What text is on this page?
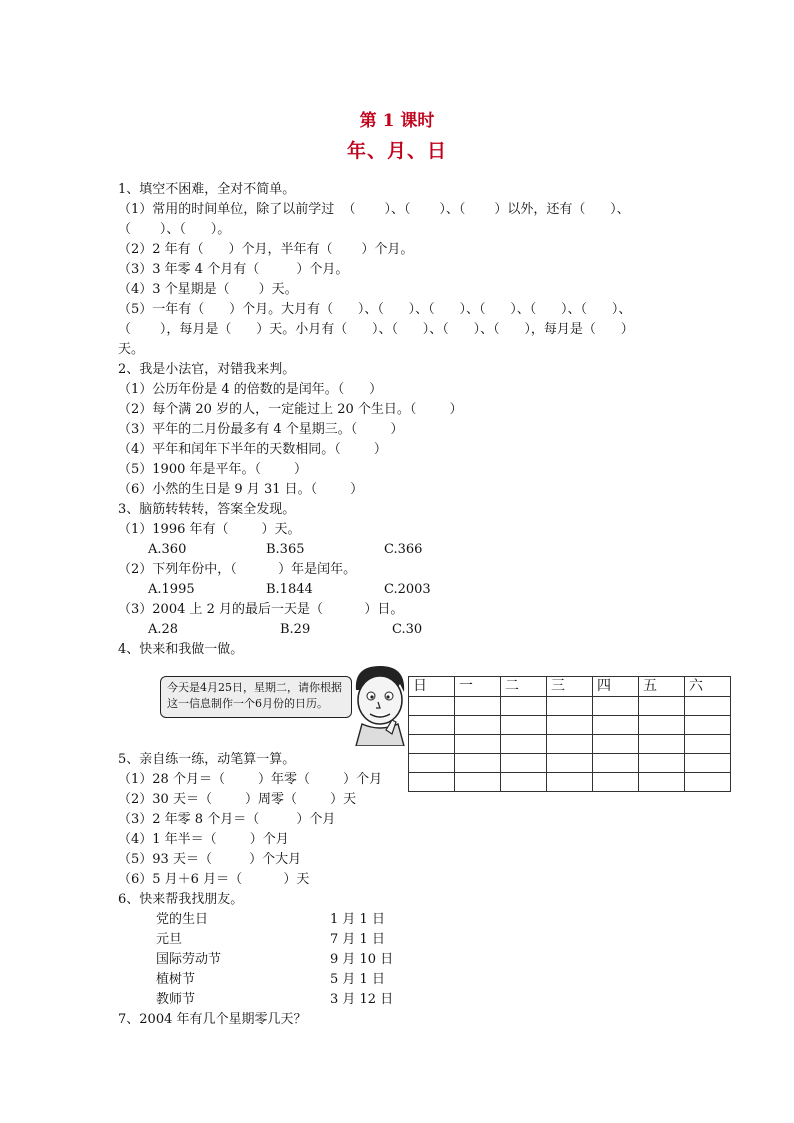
第 1 课时
年、月、日

1、填空不困难，全对不简单。

（1）常用的时间单位，除了以前学过  （       ）、（       ）、（       ）以外，还有（      ）、

（       ）、（      ）。

（2）2 年有（      ）个月，半年有（       ）个月。

（3）3 年零 4 个月有（         ）个月。

（4）3 个星期是（       ）天。

（5）一年有（      ）个月。大月有（      ）、（      ）、（      ）、（      ）、（      ）、（      ）、

（       ），每月是（      ）天。小月有（      ）、（      ）、（      ）、（      ），每月是（      ）

天。

2、我是小法官，对错我来判。

（1）公历年份是 4 的倍数的是闰年。（      ）

（2）每个满 20 岁的人，一定能过上 20 个生日。（        ）

（3）平年的二月份最多有 4 个星期三。（        ）

（4）平年和闰年下半年的天数相同。（        ）

（5）1900 年是平年。（        ）

（6）小然的生日是 9 月 31 日。（        ）

3、脑筋转转转，答案全发现。

（1）1996 年有（        ）天。

A.360	B.365	C.366

（2）下列年份中，（          ）年是闰年。

A.1995	B.1844	C.2003

（3）2004 上 2 月的最后一天是（          ）日。

A.28	B.29	C.30

4、快来和我做一做。

今天是4月25日，星期二，请你根据这一信息制作一个6月份的日历。

5、亲自练一练，动笔算一算。

（1）28 个月＝（        ）年零（        ）个月

（2）30 天＝（        ）周零（        ）天

（3）2 年零 8 个月＝（         ）个月

（4）1 年半＝（        ）个月

（5）93 天＝（         ）个大月

（6）5 月＋6 月＝（          ）天

6、快来帮我找朋友。

党的生日	1 月 1 日
元旦	7 月 1 日
国际劳动节	9 月 10 日
植树节	5 月 1 日
教师节	3 月 12 日

7、2004 年有几个星期零几天？

日	一	二	三	四	五	六
